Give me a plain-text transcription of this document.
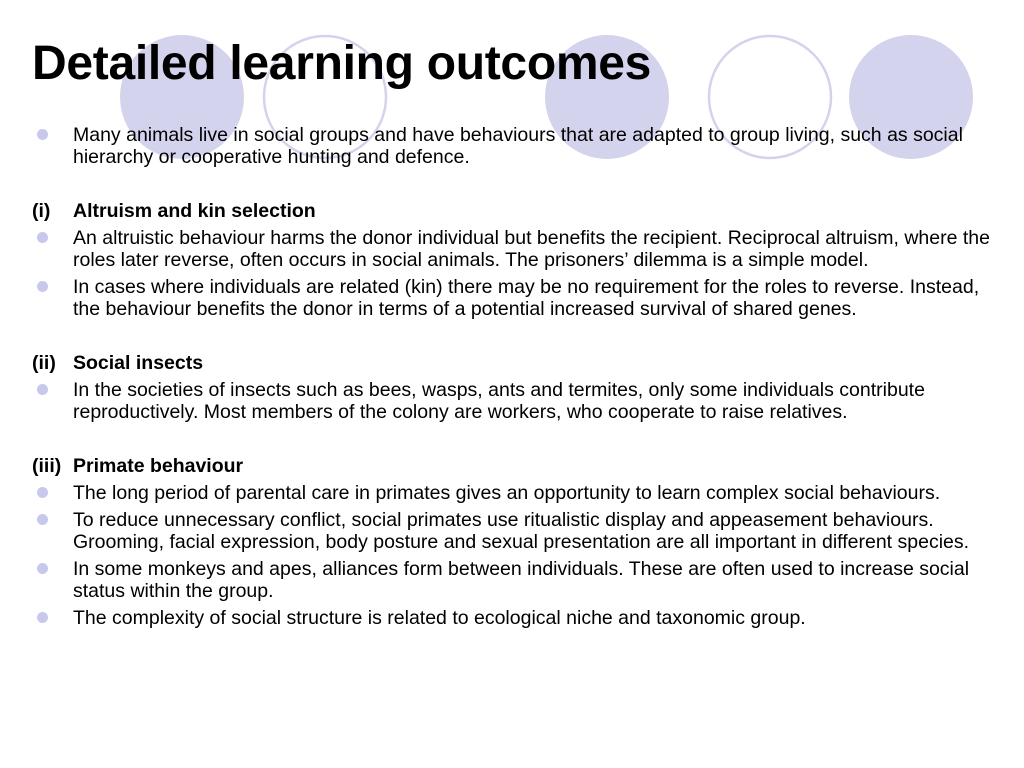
Detailed learning outcomes
Many animals live in social groups and have behaviours that are adapted to group living, such as social hierarchy or cooperative hunting and defence.
(i)	Altruism and kin selection
An altruistic behaviour harms the donor individual but benefits the recipient. Reciprocal altruism, where the roles later reverse, often occurs in social animals. The prisoners’ dilemma is a simple model.
In cases where individuals are related (kin) there may be no requirement for the roles to reverse. Instead, the behaviour benefits the donor in terms of a potential increased survival of shared genes.
(ii) Social insects
In the societies of insects such as bees, wasps, ants and termites, only some individuals contribute reproductively. Most members of the colony are workers, who cooperate to raise relatives.
(iii) Primate behaviour
The long period of parental care in primates gives an opportunity to learn complex social behaviours.
To reduce unnecessary conflict, social primates use ritualistic display and appeasement behaviours. Grooming, facial expression, body posture and sexual presentation are all important in different species.
In some monkeys and apes, alliances form between individuals. These are often used to increase social status within the group.
The complexity of social structure is related to ecological niche and taxonomic group.
